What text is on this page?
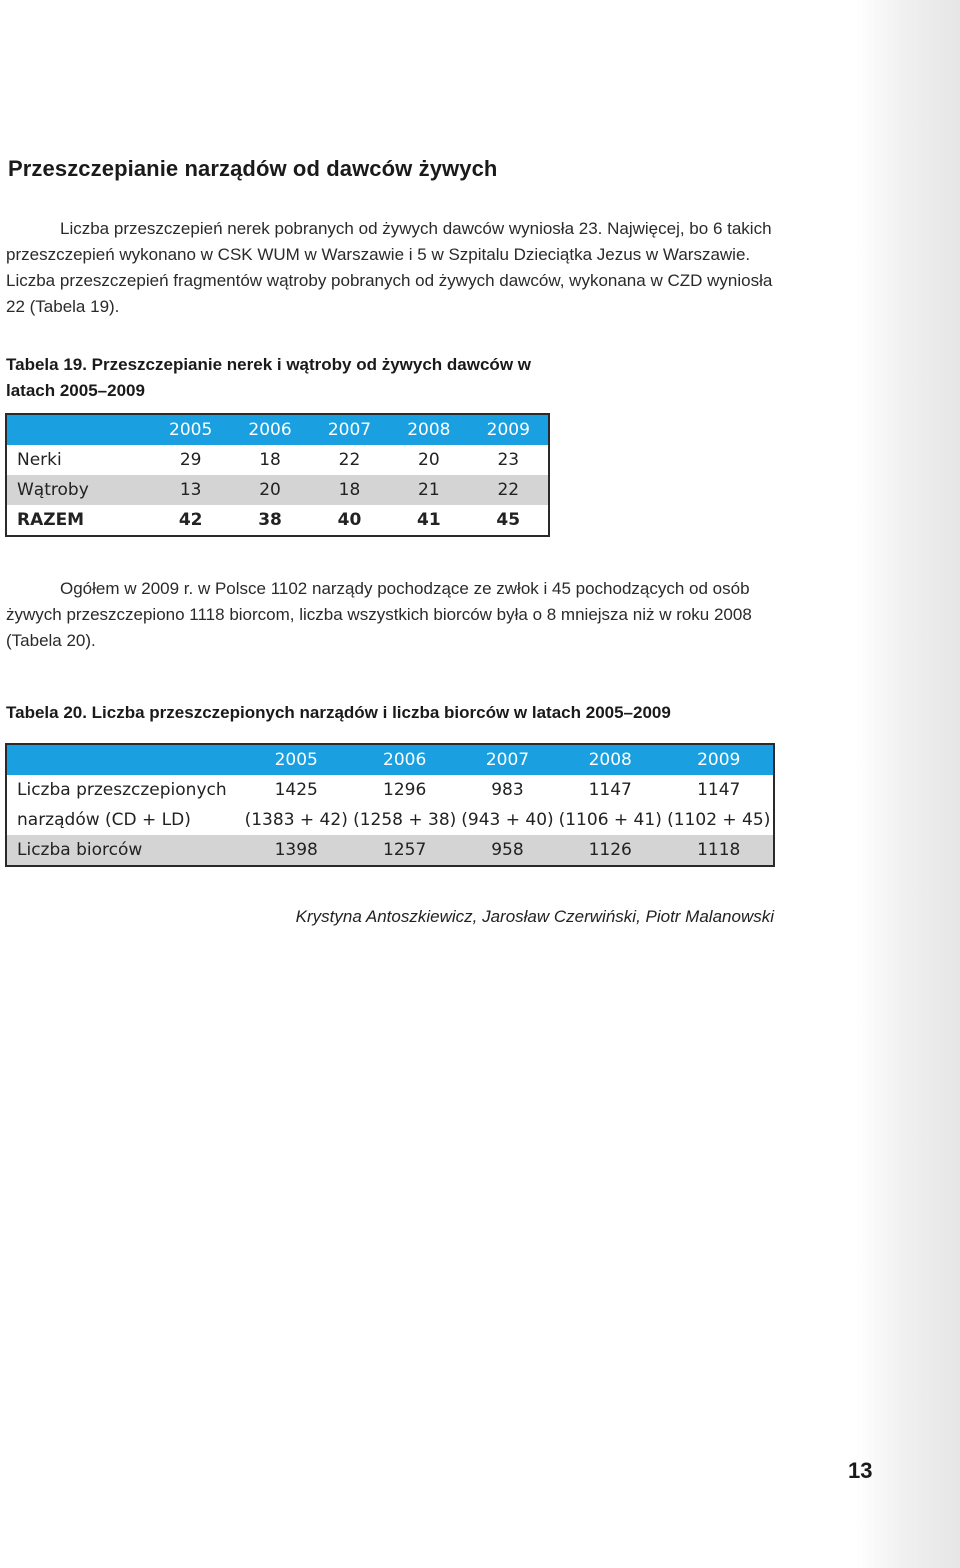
Przeszczepianie narządów od dawców żywych

Liczba przeszczepień nerek pobranych od żywych dawców wyniosła 23. Najwięcej, bo 6 takich przeszczepień wykonano w CSK WUM w Warszawie i 5 w Szpitalu Dzieciątka Jezus w Warszawie. Liczba przeszczepień fragmentów wątroby pobranych od żywych dawców, wykonana w CZD wyniosła 22 (Tabela 19).

Tabela 19. Przeszczepianie nerek i wątroby od żywych dawców w latach 2005–2009

	2005	2006	2007	2008	2009
Nerki	29	18	22	20	23
Wątroby	13	20	18	21	22
RAZEM	42	38	40	41	45

Ogółem w 2009 r. w Polsce 1102 narządy pochodzące ze zwłok i 45 pochodzących od osób żywych przeszczepiono 1118 biorcom, liczba wszystkich biorców była o 8 mniejsza niż w roku 2008 (Tabela 20).

Tabela 20. Liczba przeszczepionych narządów i liczba biorców w latach 2005–2009

	2005	2006	2007	2008	2009
Liczba przeszczepionych	1425	1296	983	1147	1147
narządów (CD + LD)	(1383 + 42)	(1258 + 38)	(943 + 40)	(1106 + 41)	(1102 + 45)
Liczba biorców	1398	1257	958	1126	1118

Krystyna Antoszkiewicz, Jarosław Czerwiński, Piotr Malanowski

13
